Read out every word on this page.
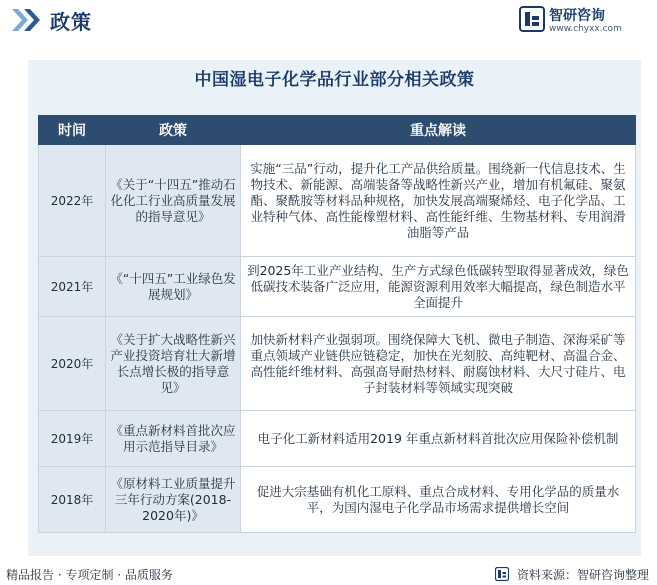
政策	智研咨询
www.chyxx.com
中国湿电子化学品行业部分相关政策
时间	政策	重点解读
2022年	《关于“十四五”推动石化化工行业高质量发展的指导意见》	实施“三品”行动，提升化工产品供给质量。围绕新一代信息技术、生物技术、新能源、高端装备等战略性新兴产业，增加有机氟硅、聚氨酯、聚酰胺等材料品种规格，加快发展高端聚烯烃、电子化学品、工业特种气体、高性能橡塑材料、高性能纤维、生物基材料、专用润滑油脂等产品
2021年	《“十四五”工业绿色发展规划》	到2025年工业产业结构、生产方式绿色低碳转型取得显著成效，绿色低碳技术装备广泛应用，能源资源利用效率大幅提高，绿色制造水平全面提升
2020年	《关于扩大战略性新兴产业投资培育壮大新增长点增长极的指导意见》	加快新材料产业强弱项。围绕保障大飞机、微电子制造、深海采矿等重点领域产业链供应链稳定，加快在光刻胶、高纯靶材、高温合金、高性能纤维材料、高强高导耐热材料、耐腐蚀材料、大尺寸硅片、电子封装材料等领域实现突破
2019年	《重点新材料首批次应用示范指导目录》	电子化工新材料适用2019 年重点新材料首批次应用保险补偿机制
2018年	《原材料工业质量提升三年行动方案(2018-2020年)》	促进大宗基础有机化工原料、重点合成材料、专用化学品的质量水平，为国内湿电子化学品市场需求提供增长空间
精品报告 · 专项定制 · 品质服务	资料来源：智研咨询整理
